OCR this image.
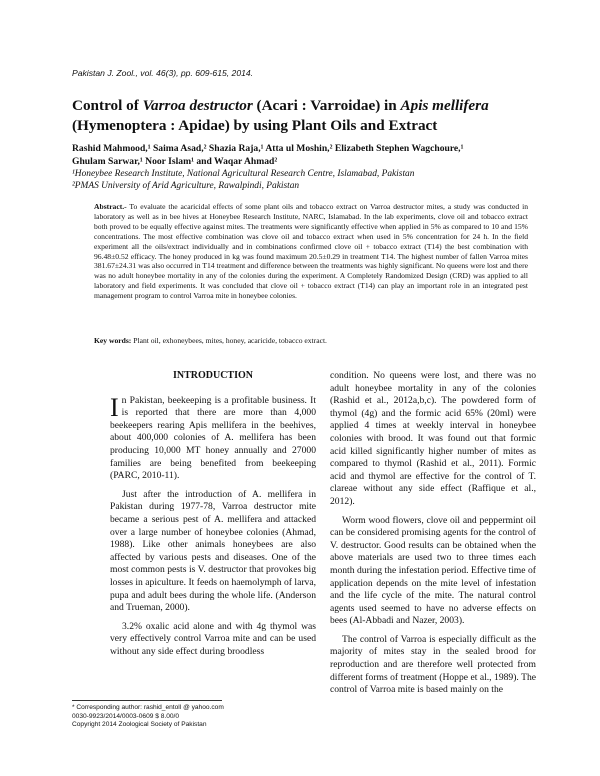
Pakistan J. Zool., vol. 46(3), pp. 609-615, 2014.
Control of Varroa destructor (Acari : Varroidae) in Apis mellifera
(Hymenoptera : Apidae) by using Plant Oils and Extract
Rashid Mahmood,¹ Saima Asad,² Shazia Raja,¹ Atta ul Moshin,² Elizabeth Stephen Wagchoure,¹
Ghulam Sarwar,¹ Noor Islam¹ and Waqar Ahmad²
¹Honeybee Research Institute, National Agricultural Research Centre, Islamabad, Pakistan
²PMAS University of Arid Agriculture, Rawalpindi, Pakistan
Abstract.- To evaluate the acaricidal effects of some plant oils and tobacco extract on Varroa destructor mites, a study was conducted in laboratory as well as in bee hives at Honeybee Research Institute, NARC, Islamabad. In the lab experiments, clove oil and tobacco extract both proved to be equally effective against mites. The treatments were significantly effective when applied in 5% as compared to 10 and 15% concentrations. The most effective combination was clove oil and tobacco extract when used in 5% concentration for 24 h. In the field experiment all the oils/extract individually and in combinations confirmed clove oil + tobacco extract (T14) the best combination with 96.48±0.52 efficacy. The honey produced in kg was found maximum 20.5±0.29 in treatment T14. The highest number of fallen Varroa mites 381.67±24.31 was also occurred in T14 treatment and difference between the treatments was highly significant. No queens were lost and there was no adult honeybee mortality in any of the colonies during the experiment. A Completely Randomized Design (CRD) was applied to all laboratory and field experiments. It was concluded that clove oil + tobacco extract (T14) can play an important role in an integrated pest management program to control Varroa mite in honeybee colonies.
Key words: Plant oil, exhoneybees, mites, honey, acaricide, tobacco extract.
INTRODUCTION

In Pakistan, beekeeping is a profitable business. It is reported that there are more than 4,000 beekeepers rearing Apis mellifera in the beehives, about 400,000 colonies of A. mellifera has been producing 10,000 MT honey annually and 27000 families are being benefited from beekeeping (PARC, 2010-11).

Just after the introduction of A. mellifera in Pakistan during 1977-78, Varroa destructor mite became a serious pest of A. mellifera and attacked over a large number of honeybee colonies (Ahmad, 1988). Like other animals honeybees are also affected by various pests and diseases. One of the most common pests is V. destructor that provokes big losses in apiculture. It feeds on haemolymph of larva, pupa and adult bees during the whole life. (Anderson and Trueman, 2000).

3.2% oxalic acid alone and with 4g thymol was very effectively control Varroa mite and can be used without any side effect during broodless

condition. No queens were lost, and there was no adult honeybee mortality in any of the colonies (Rashid et al., 2012a,b,c). The powdered form of thymol (4g) and the formic acid 65% (20ml) were applied 4 times at weekly interval in honeybee colonies with brood. It was found out that formic acid killed significantly higher number of mites as compared to thymol (Rashid et al., 2011). Formic acid and thymol are effective for the control of T. clareae without any side effect (Raffique et al., 2012).

Worm wood flowers, clove oil and peppermint oil can be considered promising agents for the control of V. destructor. Good results can be obtained when the above materials are used two to three times each month during the infestation period. Effective time of application depends on the mite level of infestation and the life cycle of the mite. The natural control agents used seemed to have no adverse effects on bees (Al-Abbadi and Nazer, 2003).

The control of Varroa is especially difficult as the majority of mites stay in the sealed brood for reproduction and are therefore well protected from different forms of treatment (Hoppe et al., 1989). The control of Varroa mite is based mainly on the

* Corresponding author: rashid_entoll @ yahoo.com
0030-9923/2014/0003-0609 $ 8.00/0
Copyright 2014 Zoological Society of Pakistan
